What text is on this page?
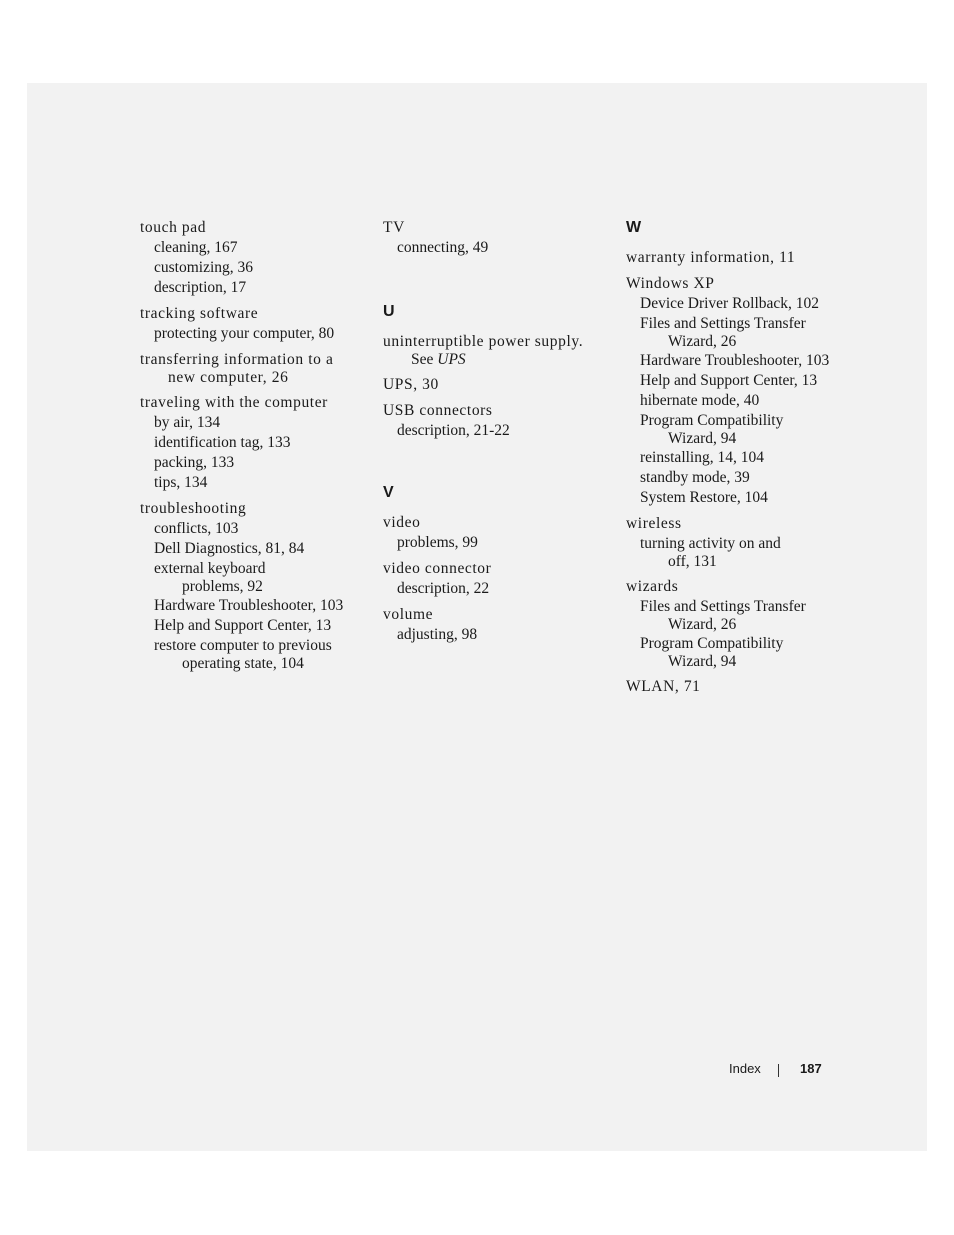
touch pad
cleaning, 167
customizing, 36
description, 17
tracking software
protecting your computer, 80
transferring information to a
new computer, 26
traveling with the computer
by air, 134
identification tag, 133
packing, 133
tips, 134
troubleshooting
conflicts, 103
Dell Diagnostics, 81, 84
external keyboard
problems, 92
Hardware Troubleshooter, 103
Help and Support Center, 13
restore computer to previous
operating state, 104
TV
connecting, 49
U
uninterruptible power supply.
See UPS
UPS, 30
USB connectors
description, 21-22
V
video
problems, 99
video connector
description, 22
volume
adjusting, 98
W
warranty information, 11
Windows XP
Device Driver Rollback, 102
Files and Settings Transfer
Wizard, 26
Hardware Troubleshooter, 103
Help and Support Center, 13
hibernate mode, 40
Program Compatibility
Wizard, 94
reinstalling, 14, 104
standby mode, 39
System Restore, 104
wireless
turning activity on and
off, 131
wizards
Files and Settings Transfer
Wizard, 26
Program Compatibility
Wizard, 94
WLAN, 71
Index	187
